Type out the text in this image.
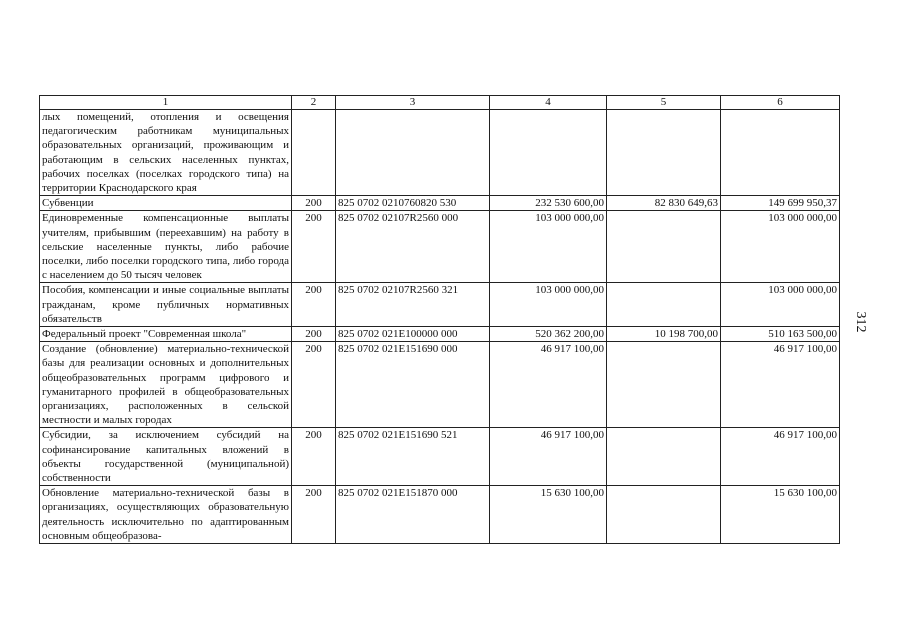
1	2	3	4	5	6
лых помещений, отопления и освещения педагогическим работникам муниципальных образовательных организаций, проживающим и работающим в сельских населенных пунктах, рабочих поселках (поселках городского типа) на территории Краснодарского края					
Субвенции	200	825 0702 0210760820 530	232 530 600,00	82 830 649,63	149 699 950,37
Единовременные компенсационные выплаты учителям, прибывшим (переехавшим) на работу в сельские населенные пункты, либо рабочие поселки, либо поселки городского типа, либо города с населением до 50 тысяч человек	200	825 0702 02107R2560 000	103 000 000,00		103 000 000,00
Пособия, компенсации и иные социальные выплаты гражданам, кроме публичных нормативных обязательств	200	825 0702 02107R2560 321	103 000 000,00		103 000 000,00
Федеральный проект "Современная школа"	200	825 0702 021E100000 000	520 362 200,00	10 198 700,00	510 163 500,00
Создание (обновление) материально-технической базы для реализации основных и дополнительных общеобразовательных программ цифрового и гуманитарного профилей в общеобразовательных организациях, расположенных в сельской местности и малых городах	200	825 0702 021E151690 000	46 917 100,00		46 917 100,00
Субсидии, за исключением субсидий на софинансирование капитальных вложений в объекты государственной (муниципальной) собственности	200	825 0702 021E151690 521	46 917 100,00		46 917 100,00
Обновление материально-технической базы в организациях, осуществляющих образовательную деятельность исключительно по адаптированным основным общеобразова-	200	825 0702 021E151870 000	15 630 100,00		15 630 100,00
312
